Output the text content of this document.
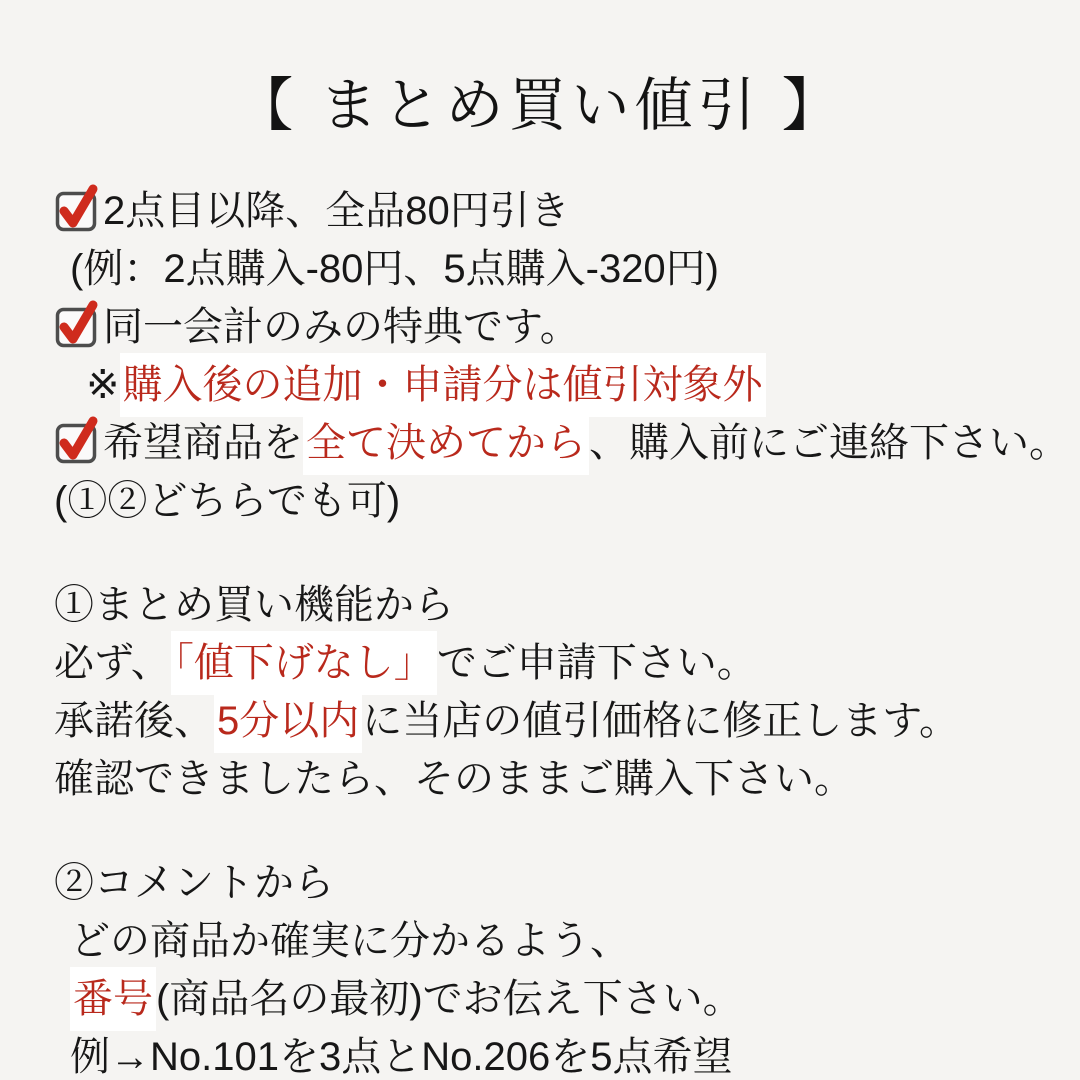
【 まとめ買い値引 】
2点目以降、全品80円引き
(例：2点購入-80円、5点購入-320円)
同一会計のみの特典です。
※購入後の追加・申請分は値引対象外
希望商品を全て決めてから、購入前にご連絡下さい。
(①②どちらでも可)
①まとめ買い機能から
必ず、「値下げなし」でご申請下さい。
承諾後、5分以内に当店の値引価格に修正します。
確認できましたら、そのままご購入下さい。
②コメントから
どの商品か確実に分かるよう、
番号(商品名の最初)でお伝え下さい。
例→No.101を3点とNo.206を5点希望
